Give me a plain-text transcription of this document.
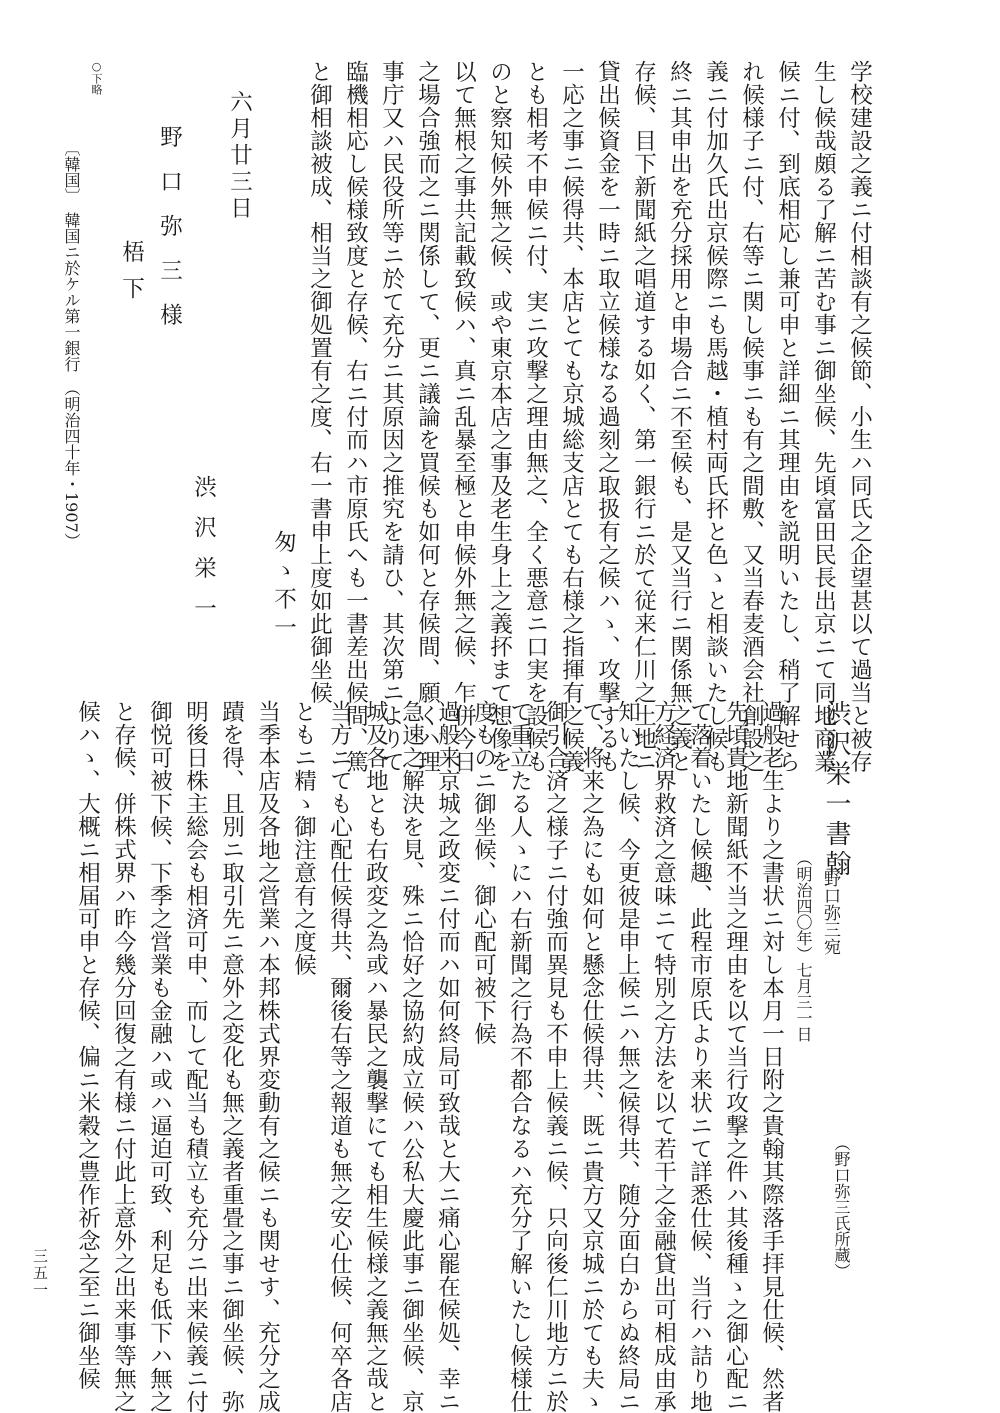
学校建設之義ニ付相談有之候節、小生ハ同氏之企望甚以て過当と被存
生し候哉頗る了解ニ苦む事ニ御坐候、先頃富田民長出京ニて同地商業
候ニ付、到底相応し兼可申と詳細ニ其理由を説明いたし、稍了解せら
れ候様子ニ付、右等ニ関し候事ニも有之間敷、又当春麦酒会社創設之
義ニ付加久氏出京候際ニも馬越・植村両氏抔と色ゝと相談いたし候も
終ニ其申出を充分採用と申場合ニ不至候も、是又当行ニ関係無之義と
存候、目下新聞紙之唱道する如く、第一銀行ニ於て従来仁川之土地ニ
貸出候資金を一時ニ取立候様なる過刻之取扱有之候ハゝ、攻撃するも
一応之事ニ候得共、本店とても京城総支店とても右様之指揮有之候義
とも相考不申候ニ付、実ニ攻撃之理由無之、全く悪意ニ口実を設候も
のと察知候外無之候、或や東京本店之事及老生身上之義抔まて想像を
以て無根之事共記載致候ハ、真ニ乱暴至極と申候外無之候、乍併今日
之場合強而之ニ関係して、更ニ議論を買候も如何と存候間、願くハ理
事庁又ハ民役所等ニ於て充分ニ其原因之推究を請ひ、其次第ニよりて
臨機相応し候様致度と存候、右ニ付而ハ市原氏へも一書差出候間、篤
と御相談被成、相当之御処置有之度、右一書申上度如此御坐候
匆ゝ不一
六月廿三日
渋沢栄一
野口弥三様
梧下
○下略
〔韓国〕　韓国ニ於ケル第一銀行　（明治四十年・1907）
渋沢栄一書翰
野口弥三宛
（明治四〇年）七月三一日
（野口弥三氏所蔵）
過般老生より之書状ニ対し本月一日附之貴翰其際落手拝見仕候、然者
先頃貴地新聞紙不当之理由を以て当行攻撃之件ハ其後種ゝ之御心配ニ
て落着いたし候趣、此程市原氏より来状ニて詳悉仕候、当行ハ詰り地
方経済界救済之意味ニて特別之方法を以て若干之金融貸出可相成由承
知いたし候、今更彼是申上候ニハ無之候得共、随分面白からぬ終局ニ
て、将来之為にも如何と懸念仕候得共、既ニ貴方又京城ニ於ても夫ゝ
御引合済之様子ニ付強而異見も不申上候義ニ候、只向後仁川地方ニ於
て重立たる人ゝにハ右新聞之行為不都合なるハ充分了解いたし候様仕
度ものニ御坐候、御心配可被下候
過般来京城之政変ニ付而ハ如何終局可致哉と大ニ痛心罷在候処、幸ニ
急速之解決を見、殊ニ恰好之協約成立候ハ公私大慶此事ニ御坐候、京
城及各地とも右政変之為或ハ暴民之襲撃にても相生候様之義無之哉と
当方ニても心配仕候得共、爾後右等之報道も無之安心仕候、何卒各店
ともニ精ゝ御注意有之度候
当季本店及各地之営業ハ本邦株式界変動有之候ニも関せす、充分之成
蹟を得、且別ニ取引先ニ意外之変化も無之義者重畳之事ニ御坐候、弥
明後日株主総会も相済可申、而して配当も積立も充分ニ出来候義ニ付
御悦可被下候、下季之営業も金融ハ或ハ逼迫可致、利足も低下ハ無之
と存候、併株式界ハ昨今幾分回復之有様ニ付此上意外之出来事等無之
候ハゝ、大概ニ相届可申と存候、偏ニ米穀之豊作祈念之至ニ御坐候
三五一
